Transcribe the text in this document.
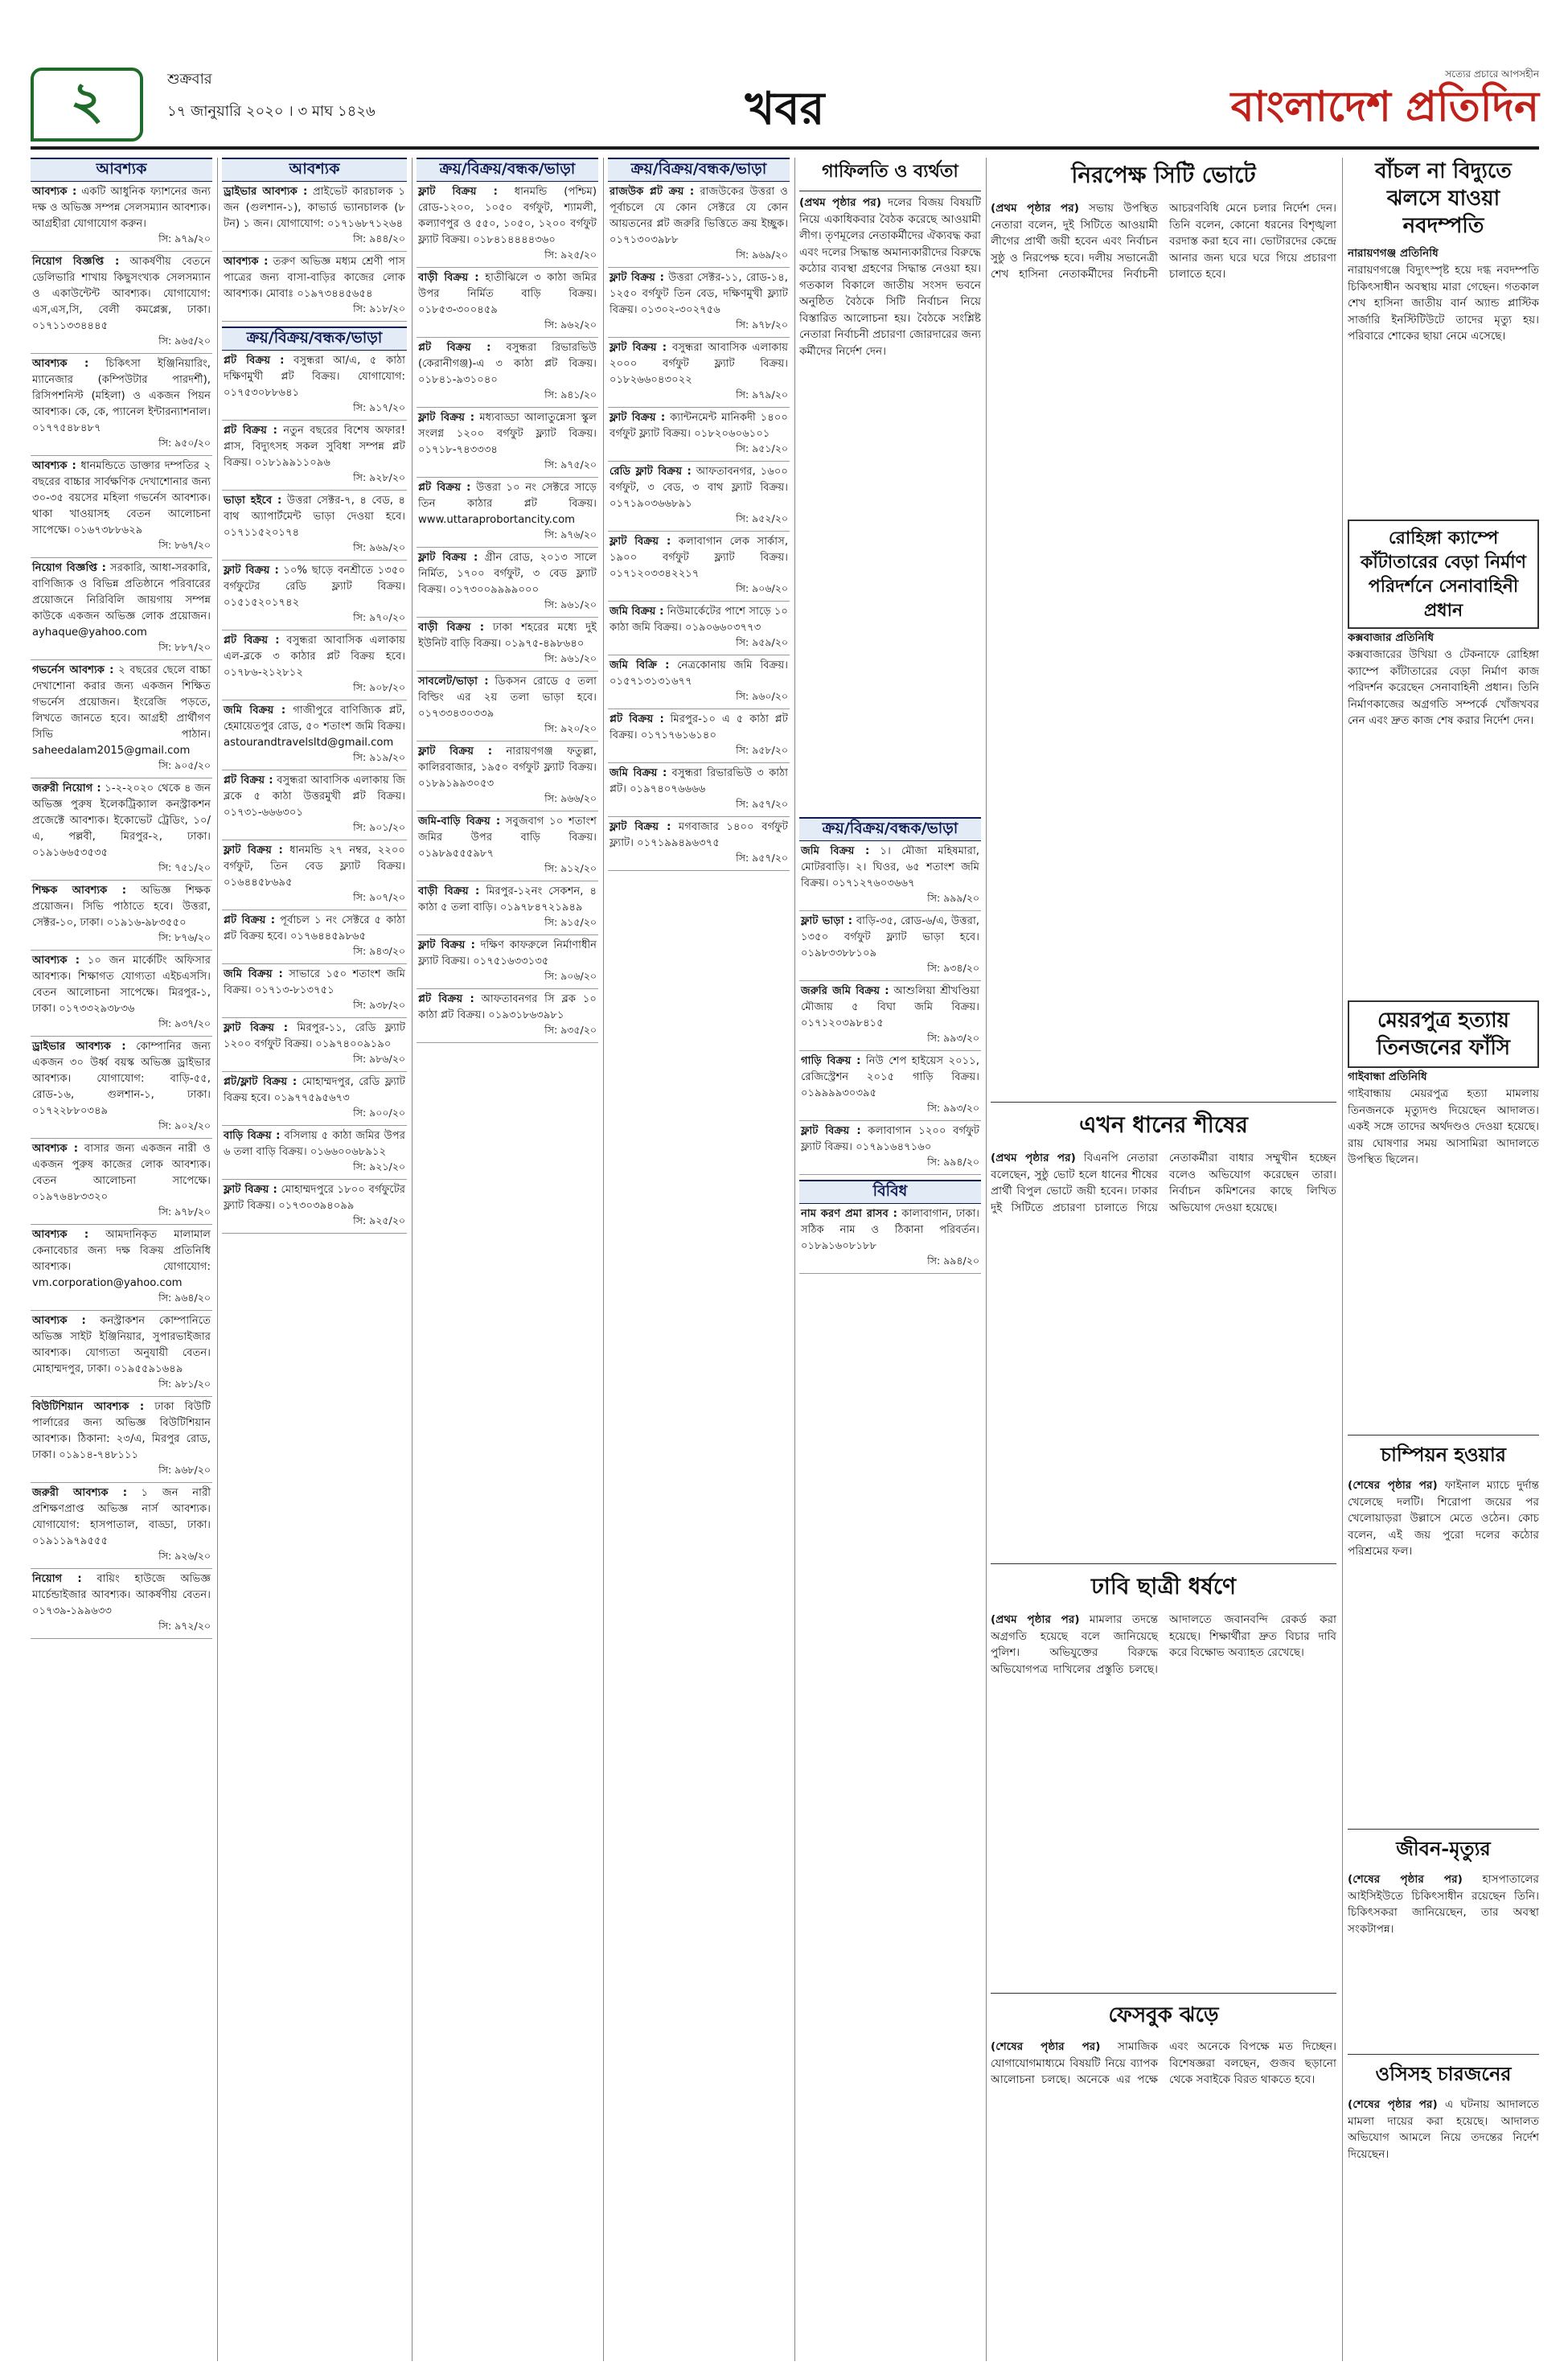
২	শুক্রবার
১৭ জানুয়ারি ২০২০ । ৩ মাঘ ১৪২৬	খবর
সত্যের প্রচারে আপসহীন
বাংলাদেশ প্রতিদিন
আবশ্যক
আবশ্যক : একটি আধুনিক ফ্যাশনের জন্য দক্ষ ও অভিজ্ঞ সম্পন্ন সেলসম্যান আবশ্যক। আগ্রহীরা যোগাযোগ করুন।
সি: ৯৭৯/২০
নিয়োগ বিজ্ঞপ্তি : আকর্ষণীয় বেতনে ডেলিভারি শাখায় কিছুসংখ্যক সেলসম্যান ও একাউন্টেন্ট আবশ্যক। যোগাযোগ: এস,এস,সি, বেলী কমপ্লেক্স, ঢাকা। ০১৭১১৩৩৪৪৪৫
সি: ৯৬৫/২০
আবশ্যক : চিকিৎসা ইঞ্জিনিয়ারিং, ম্যানেজার (কম্পিউটার পারদর্শী), রিসিপশনিস্ট (মহিলা) ও একজন পিয়ন আবশ্যক। কে, কে, প্যানেল ইন্টারন্যাশনাল। ০১৭৭৫৪৮৪৮৭
সি: ৯৫০/২০
আবশ্যক : ধানমন্ডিতে ডাক্তার দম্পতির ২ বছরের বাচ্চার সার্বক্ষণিক দেখাশোনার জন্য ৩০-৩৫ বয়সের মহিলা গভর্নেস আবশ্যক। থাকা খাওয়াসহ বেতন আলোচনা সাপেক্ষে। ০১৬৭৩৮৮৬২৯
সি: ৮৬৭/২০
নিয়োগ বিজ্ঞপ্তি : সরকারি, আধা-সরকারি, বাণিজ্যিক ও বিভিন্ন প্রতিষ্ঠানে পরিবারের প্রয়োজনে নিরিবিলি জায়গায় সম্পন্ন কাউকে একজন অভিজ্ঞ লোক প্রয়োজন। ayhaque@yahoo.com
সি: ৮৮৭/২০
গভর্নেস আবশ্যক : ২ বছরের ছেলে বাচ্চা দেখাশোনা করার জন্য একজন শিক্ষিত গভর্নেস প্রয়োজন। ইংরেজি পড়তে, লিখতে জানতে হবে। আগ্রহী প্রার্থীগণ সিভি পাঠান। saheedalam2015@gmail.com
সি: ৯০৫/২০
জরুরী নিয়োগ : ১-২-২০২০ থেকে ৪ জন অভিজ্ঞ পুরুষ ইলেকট্রিক্যাল কনস্ট্রাকশন প্রজেক্টে আবশ্যক। ইকোভেট ট্রেডিং, ১০/এ, পল্লবী, মিরপুর-২, ঢাকা। ০১৯১৬৬৫৩৫৩৫
সি: ৭৫১/২০
শিক্ষক আবশ্যক : অভিজ্ঞ শিক্ষক প্রয়োজন। সিভি পাঠাতে হবে। উত্তরা, সেক্টর-১০, ঢাকা। ০১৯১৬-৯৮৩৫৫০
সি: ৮৭৬/২০
আবশ্যক : ১০ জন মার্কেটিং অফিসার আবশ্যক। শিক্ষাগত যোগ্যতা এইচএসসি। বেতন আলোচনা সাপেক্ষে। মিরপুর-১, ঢাকা। ০১৭৩৩২৯৩৮৩৬
সি: ৯৩৭/২০
ড্রাইভার আবশ্যক : কোম্পানির জন্য একজন ৩০ উর্ধ্ব বয়স্ক অভিজ্ঞ ড্রাইভার আবশ্যক। যোগাযোগ: বাড়ি-৫৫, রোড-১৬, গুলশান-১, ঢাকা। ০১৭২২৮৮০৩৪৯
সি: ৯০২/২০
আবশ্যক : বাসার জন্য একজন নারী ও একজন পুরুষ কাজের লোক আবশ্যক। বেতন আলোচনা সাপেক্ষে। ০১৯৭৬৪৮৩৩২০
সি: ৯৭৮/২০
আবশ্যক : আমদানিকৃত মালামাল কেনাবেচার জন্য দক্ষ বিক্রয় প্রতিনিধি আবশ্যক। যোগাযোগ: vm.corporation@yahoo.com
সি: ৯৬৪/২০
আবশ্যক : কনস্ট্রাকশন কোম্পানিতে অভিজ্ঞ সাইট ইঞ্জিনিয়ার, সুপারভাইজার আবশ্যক। যোগ্যতা অনুযায়ী বেতন। মোহাম্মদপুর, ঢাকা। ০১৯৫৫৯১৬৪৯
সি: ৯৮১/২০
বিউটিশিয়ান আবশ্যক : ঢাকা বিউটি পার্লারের জন্য অভিজ্ঞ বিউটিশিয়ান আবশ্যক। ঠিকানা: ২৩/এ, মিরপুর রোড, ঢাকা। ০১৯১৪-৭৪৮১১১
সি: ৯৬৮/২০
জরুরী আবশ্যক : ১ জন নারী প্রশিক্ষণপ্রাপ্ত অভিজ্ঞ নার্স আবশ্যক। যোগাযোগ: হাসপাতাল, বাড্ডা, ঢাকা। ০১৯১১৯৭৯৫৫৫
সি: ৯২৬/২০
নিয়োগ : বায়িং হাউজে অভিজ্ঞ মার্চেন্ডাইজার আবশ্যক। আকর্ষণীয় বেতন। ০১৭৩৯-১৯৯৬৩৩
সি: ৯৭২/২০
আবশ্যক
ড্রাইভার আবশ্যক : প্রাইভেট কারচালক ১ জন (গুলশান-১), কাভার্ড ভ্যানচালক (৮ টন) ১ জন। যোগাযোগ: ০১৭১৬৮৭১২৬৪
সি: ৯৪৪/২০
আবশ্যক : তরুণ অভিজ্ঞ মধ্যম শ্রেণী পাস পাত্রের জন্য বাসা-বাড়ির কাজের লোক আবশ্যক। মোবাঃ ০১৯৭৩৪৪৫৬৫৪
সি: ৯১৮/২০
ক্রয়/বিক্রয়/বন্ধক/ভাড়া
প্লট বিক্রয় : বসুন্ধরা আ/এ, ৫ কাঠা দক্ষিণমুখী প্লট বিক্রয়। যোগাযোগ: ০১৭৫৩০৮৮৬৪১
সি: ৯১৭/২০
প্লট বিক্রয় : নতুন বছরের বিশেষ অফার! প্লাস, বিদ্যুৎসহ সকল সুবিধা সম্পন্ন প্লট বিক্রয়। ০১৮১৯৯১১০৯৬
সি: ৯২৮/২০
ভাড়া হইবে : উত্তরা সেক্টর-৭, ৪ বেড, ৪ বাথ অ্যাপার্টমেন্ট ভাড়া দেওয়া হবে। ০১৭১১৫২০১৭৪
সি: ৯৬৯/২০
ফ্লাট বিক্রয় : ১০% ছাড়ে বনশ্রীতে ১৩৫০ বর্গফুটের রেডি ফ্ল্যাট বিক্রয়। ০১৫১৫২০১৭৪২
সি: ৯৭০/২০
প্লট বিক্রয় : বসুন্ধরা আবাসিক এলাকায় এল-ব্লকে ৩ কাঠার প্লট বিক্রয় হবে। ০১৭৮৬-২১২৮১২
সি: ৯০৮/২০
জমি বিক্রয় : গাজীপুরে বাণিজ্যিক প্লট, হেমায়েতপুর রোড, ৫০ শতাংশ জমি বিক্রয়। astourandtravelsltd@gmail.com
সি: ৯১৯/২০
প্লট বিক্রয় : বসুন্ধরা আবাসিক এলাকায় জি ব্লকে ৫ কাঠা উত্তরমুখী প্লট বিক্রয়। ০১৭৩১-৬৬৬৩০১
সি: ৯০১/২০
ফ্লাট বিক্রয় : ধানমন্ডি ২৭ নম্বর, ২২০০ বর্গফুট, তিন বেড ফ্ল্যাট বিক্রয়। ০১৬৪৪৫৮৬৯৫
সি: ৯০৭/২০
প্লট বিক্রয় : পূর্বাচল ১ নং সেক্টরে ৫ কাঠা প্লট বিক্রয় হবে। ০১৭৬৪৪৫৯৮৬৫
সি: ৯৪৩/২০
জমি বিক্রয় : সাভারে ১৫০ শতাংশ জমি বিক্রয়। ০১৭১৩-৮১৩৭৫১
সি: ৯৩৮/২০
ফ্লাট বিক্রয় : মিরপুর-১১, রেডি ফ্ল্যাট ১২০০ বর্গফুট বিক্রয়। ০১৯৭৪০০৯১৯০
সি: ৯৮৬/২০
প্লট/ফ্লাট বিক্রয় : মোহাম্মদপুর, রেডি ফ্ল্যাট বিক্রয় হবে। ০১৯৭৭৫৯৫৬৭৩
সি: ৯০০/২০
বাড়ি বিক্রয় : বসিলায় ৫ কাঠা জমির উপর ৬ তলা বাড়ি বিক্রয়। ০১৬৬০০৬৮৯১২
সি: ৯২১/২০
ফ্লাট বিক্রয় : মোহাম্মদপুরে ১৮০০ বর্গফুটের ফ্ল্যাট বিক্রয়। ০১৭৩০৩৯৪০৯৯
সি: ৯২৫/২০
ক্রয়/বিক্রয়/বন্ধক/ভাড়া
ফ্লাট বিক্রয় : ধানমন্ডি (পশ্চিম) রোড-১২০০, ১০৫০ বর্গফুট, শ্যামলী, কল্যাণপুর ও ৫৫০, ১০৫০, ১২০০ বর্গফুট ফ্ল্যাট বিক্রয়। ০১৮৪১৪৪৪৪৩৬০
সি: ৯২৫/২০
বাড়ী বিক্রয় : হাতীঝিলে ৩ কাঠা জমির উপর নির্মিত বাড়ি বিক্রয়। ০১৮৫৩-৩০০৪৫৯
সি: ৯৬২/২০
প্লট বিক্রয় : বসুন্ধরা রিভারভিউ (কেরানীগঞ্জ)-এ ৩ কাঠা প্লট বিক্রয়। ০১৮৪১-৯৩১০৪০
সি: ৯৪১/২০
ফ্লাট বিক্রয় : মধ্যবাড্ডা আলাতুন্নেসা স্কুল সংলগ্ন ১২০০ বর্গফুট ফ্ল্যাট বিক্রয়। ০১৭১৮-৭৪৩৩৩৪
সি: ৯৭৫/২০
প্লট বিক্রয় : উত্তরা ১০ নং সেক্টরে সাড়ে তিন কাঠার প্লট বিক্রয়। www.uttaraprobortancity.com
সি: ৯৭৬/২০
ফ্লাট বিক্রয় : গ্রীন রোড, ২০১৩ সালে নির্মিত, ১৭০০ বর্গফুট, ৩ বেড ফ্ল্যাট বিক্রয়। ০১৭৩০০৯৯৯৯০০০
সি: ৯৬১/২০
বাড়ী বিক্রয় : ঢাকা শহরের মধ্যে দুই ইউনিট বাড়ি বিক্রয়। ০১৯৭৫-৪৯৮৬৪০
সি: ৯৬১/২০
সাবলেট/ভাড়া : ডিকসন রোডে ৫ তলা বিল্ডিং এর ২য় তলা ভাড়া হবে। ০১৭৩৩৪৩০৩৩৯
সি: ৯২০/২০
ফ্লাট বিক্রয় : নারায়ণগঞ্জ ফতুল্লা, কালিরবাজার, ১৯৫০ বর্গফুট ফ্ল্যাট বিক্রয়। ০১৮৯১৯৯৩০৫৩
সি: ৯৬৬/২০
জমি-বাড়ি বিক্রয় : সবুজবাগ ১০ শতাংশ জমির উপর বাড়ি বিক্রয়। ০১৯৮৯৫৫৫৯৮৭
সি: ৯১২/২০
বাড়ী বিক্রয় : মিরপুর-১২নং সেকশন, ৪ কাঠা ৫ তলা বাড়ি। ০১৯৭৮৪৭২১৯৪৯
সি: ৯১৫/২০
ফ্লাট বিক্রয় : দক্ষিণ কাফরুলে নির্মাণাধীন ফ্ল্যাট বিক্রয়। ০১৭৫১৬৩৩১৩৫
সি: ৯০৬/২০
প্লট বিক্রয় : আফতাবনগর সি ব্লক ১০ কাঠা প্লট বিক্রয়। ০১৯৩১৮৬৩৯৮১
সি: ৯৩৫/২০
ক্রয়/বিক্রয়/বন্ধক/ভাড়া
রাজউক প্লট ক্রয় : রাজউকের উত্তরা ও পূর্বাচলে যে কোন সেক্টরে যে কোন আয়তনের প্লট জরুরি ভিত্তিতে ক্রয় ইচ্ছুক। ০১৭১৩০৩৯৮৮
সি: ৯৬৯/২০
ফ্লাট বিক্রয় : উত্তরা সেক্টর-১১, রোড-১৪, ১২৫০ বর্গফুট তিন বেড, দক্ষিণমুখী ফ্ল্যাট বিক্রয়। ০১৩০২-৩০২৭৫৬
সি: ৯৭৮/২০
ফ্লাট বিক্রয় : বসুন্ধরা আবাসিক এলাকায় ২০০০ বর্গফুট ফ্ল্যাট বিক্রয়। ০১৮২৬৬০৪৩০২২
সি: ৯৭৯/২০
ফ্লাট বিক্রয় : ক্যান্টনমেন্ট মানিকদী ১৪০০ বর্গফুট ফ্ল্যাট বিক্রয়। ০১৮২০৬০৬১০১
সি: ৯৫১/২০
রেডি ফ্লাট বিক্রয় : আফতাবনগর, ১৬০০ বর্গফুট, ৩ বেড, ৩ বাথ ফ্ল্যাট বিক্রয়। ০১৭১৯০৩৬৬৮৯১
সি: ৯৫২/২০
ফ্লাট বিক্রয় : কলাবাগান লেক সার্কাস, ১৯০০ বর্গফুট ফ্ল্যাট বিক্রয়। ০১৭১২০৩৩৪২২১৭
সি: ৯০৬/২০
জমি বিক্রয় : নিউমার্কেটের পাশে সাড়ে ১০ কাঠা জমি বিক্রয়। ০১৯০৬৬০৩৭৭৩
সি: ৯৫৯/২০
জমি বিক্রি : নেত্রকোনায় জমি বিক্রয়। ০১৫৭১৩১৩১৬৭৭
সি: ৯৬০/২০
প্লট বিক্রয় : মিরপুর-১০ এ ৫ কাঠা প্লট বিক্রয়। ০১৭১৭৬১৬১৪০
সি: ৯৫৮/২০
জমি বিক্রয় : বসুন্ধরা রিভারভিউ ৩ কাঠা প্লট। ০১৯৭৪০৭৬৬৬৬
সি: ৯৫৭/২০
ফ্লাট বিক্রয় : মগবাজার ১৪০০ বর্গফুট ফ্ল্যাট। ০১৭১৯৯৪৯৬৩৭৫
সি: ৯৫৭/২০
গাফিলতি ও ব্যর্থতা

(প্রথম পৃষ্ঠার পর) দলের বিজয় বিষয়টি নিয়ে একাধিকবার বৈঠক করেছে আওয়ামী লীগ। তৃণমূলের নেতাকর্মীদের ঐক্যবদ্ধ করা এবং দলের সিদ্ধান্ত অমান্যকারীদের বিরুদ্ধে কঠোর ব্যবস্থা গ্রহণের সিদ্ধান্ত নেওয়া হয়। গতকাল বিকালে জাতীয় সংসদ ভবনে অনুষ্ঠিত বৈঠকে সিটি নির্বাচন নিয়ে বিস্তারিত আলোচনা হয়। বৈঠকে সংশ্লিষ্ট নেতারা নির্বাচনী প্রচারণা জোরদারের জন্য কর্মীদের নির্দেশ দেন।

ক্রয়/বিক্রয়/বন্ধক/ভাড়া
জমি বিক্রয় : ১। মৌজা মহিষমারা, মোটরবাড়ি। ২। ঘিওর, ৬৫ শতাংশ জমি বিক্রয়। ০১৭১২৭৬০৩৬৬৭
সি: ৯৯৯/২০
ফ্লাট ভাড়া : বাড়ি-৩৫, রোড-৬/এ, উত্তরা, ১৩৫০ বর্গফুট ফ্ল্যাট ভাড়া হবে। ০১৯৮৩৩৮৮১০৯
সি: ৯৩৪/২০
জরুরি জমি বিক্রয় : আশুলিয়া শ্রীখণ্ডিয়া মৌজায় ৫ বিঘা জমি বিক্রয়। ০১৭১২০৩৯৮৪১৫
সি: ৯৯৩/২০
গাড়ি বিক্রয় : নিউ শেপ হাইয়েস ২০১১, রেজিস্ট্রেশন ২০১৫ গাড়ি বিক্রয়। ০১৯৯৯৯৩০৩৯৫
সি: ৯৯৩/২০
ফ্লাট বিক্রয় : কলাবাগান ১২০০ বর্গফুট ফ্ল্যাট বিক্রয়। ০১৭৯১৬৪৭১৬০
সি: ৯৯৪/২০
বিবিধ
নাম করণ প্রমা রাসব : কালাবাগান, ঢাকা। সঠিক নাম ও ঠিকানা পরিবর্তন। ০১৮৯১৬০৮১৮৮
সি: ৯৯৪/২০
নিরপেক্ষ সিটি ভোটে

(প্রথম পৃষ্ঠার পর) সভায় উপস্থিত নেতারা বলেন, দুই সিটিতে আওয়ামী লীগের প্রার্থী জয়ী হবেন এবং নির্বাচন সুষ্ঠু ও নিরপেক্ষ হবে। দলীয় সভানেত্রী শেখ হাসিনা নেতাকর্মীদের নির্বাচনী আচরণবিধি মেনে চলার নির্দেশ দেন। তিনি বলেন, কোনো ধরনের বিশৃঙ্খলা বরদাস্ত করা হবে না। ভোটারদের কেন্দ্রে আনার জন্য ঘরে ঘরে গিয়ে প্রচারণা চালাতে হবে।

এখন ধানের শীষের

(প্রথম পৃষ্ঠার পর) বিএনপি নেতারা বলেছেন, সুষ্ঠু ভোট হলে ধানের শীষের প্রার্থী বিপুল ভোটে জয়ী হবেন। ঢাকার দুই সিটিতে প্রচারণা চালাতে গিয়ে নেতাকর্মীরা বাধার সম্মুখীন হচ্ছেন বলেও অভিযোগ করেছেন তারা। নির্বাচন কমিশনের কাছে লিখিত অভিযোগ দেওয়া হয়েছে।

ঢাবি ছাত্রী ধর্ষণে

(প্রথম পৃষ্ঠার পর) মামলার তদন্তে অগ্রগতি হয়েছে বলে জানিয়েছে পুলিশ। অভিযুক্তের বিরুদ্ধে অভিযোগপত্র দাখিলের প্রস্তুতি চলছে। আদালতে জবানবন্দি রেকর্ড করা হয়েছে। শিক্ষার্থীরা দ্রুত বিচার দাবি করে বিক্ষোভ অব্যাহত রেখেছে।

ফেসবুক ঝড়ে

(শেষের পৃষ্ঠার পর) সামাজিক যোগাযোগমাধ্যমে বিষয়টি নিয়ে ব্যাপক আলোচনা চলছে। অনেকে এর পক্ষে এবং অনেকে বিপক্ষে মত দিচ্ছেন। বিশেষজ্ঞরা বলছেন, গুজব ছড়ানো থেকে সবাইকে বিরত থাকতে হবে।

বাঁচল না বিদ্যুতে ঝলসে যাওয়া নবদম্পতি
নারায়ণগঞ্জ প্রতিনিধি

নারায়ণগঞ্জে বিদ্যুৎস্পৃষ্ট হয়ে দগ্ধ নবদম্পতি চিকিৎসাধীন অবস্থায় মারা গেছেন। গতকাল শেখ হাসিনা জাতীয় বার্ন অ্যান্ড প্লাস্টিক সার্জারি ইনস্টিটিউটে তাদের মৃত্যু হয়। পরিবারে শোকের ছায়া নেমে এসেছে।

রোহিঙ্গা ক্যাম্পে কাঁটাতারের বেড়া নির্মাণ পরিদর্শনে সেনাবাহিনী প্রধান
কক্সবাজার প্রতিনিধি

কক্সবাজারের উখিয়া ও টেকনাফে রোহিঙ্গা ক্যাম্পে কাঁটাতারের বেড়া নির্মাণ কাজ পরিদর্শন করেছেন সেনাবাহিনী প্রধান। তিনি নির্মাণকাজের অগ্রগতি সম্পর্কে খোঁজখবর নেন এবং দ্রুত কাজ শেষ করার নির্দেশ দেন।

মেয়রপুত্র হত্যায় তিনজনের ফাঁসি
গাইবান্ধা প্রতিনিধি

গাইবান্ধায় মেয়রপুত্র হত্যা মামলায় তিনজনকে মৃত্যুদণ্ড দিয়েছেন আদালত। একই সঙ্গে তাদের অর্থদণ্ডও দেওয়া হয়েছে। রায় ঘোষণার সময় আসামিরা আদালতে উপস্থিত ছিলেন।

চাম্পিয়ন হওয়ার

(শেষের পৃষ্ঠার পর) ফাইনাল ম্যাচে দুর্দান্ত খেলেছে দলটি। শিরোপা জয়ের পর খেলোয়াড়রা উল্লাসে মেতে ওঠেন। কোচ বলেন, এই জয় পুরো দলের কঠোর পরিশ্রমের ফল।

জীবন-মৃত্যুর

(শেষের পৃষ্ঠার পর) হাসপাতালের আইসিইউতে চিকিৎসাধীন রয়েছেন তিনি। চিকিৎসকরা জানিয়েছেন, তার অবস্থা সংকটাপন্ন।

ওসিসহ চারজনের

(শেষের পৃষ্ঠার পর) এ ঘটনায় আদালতে মামলা দায়ের করা হয়েছে। আদালত অভিযোগ আমলে নিয়ে তদন্তের নির্দেশ দিয়েছেন।
